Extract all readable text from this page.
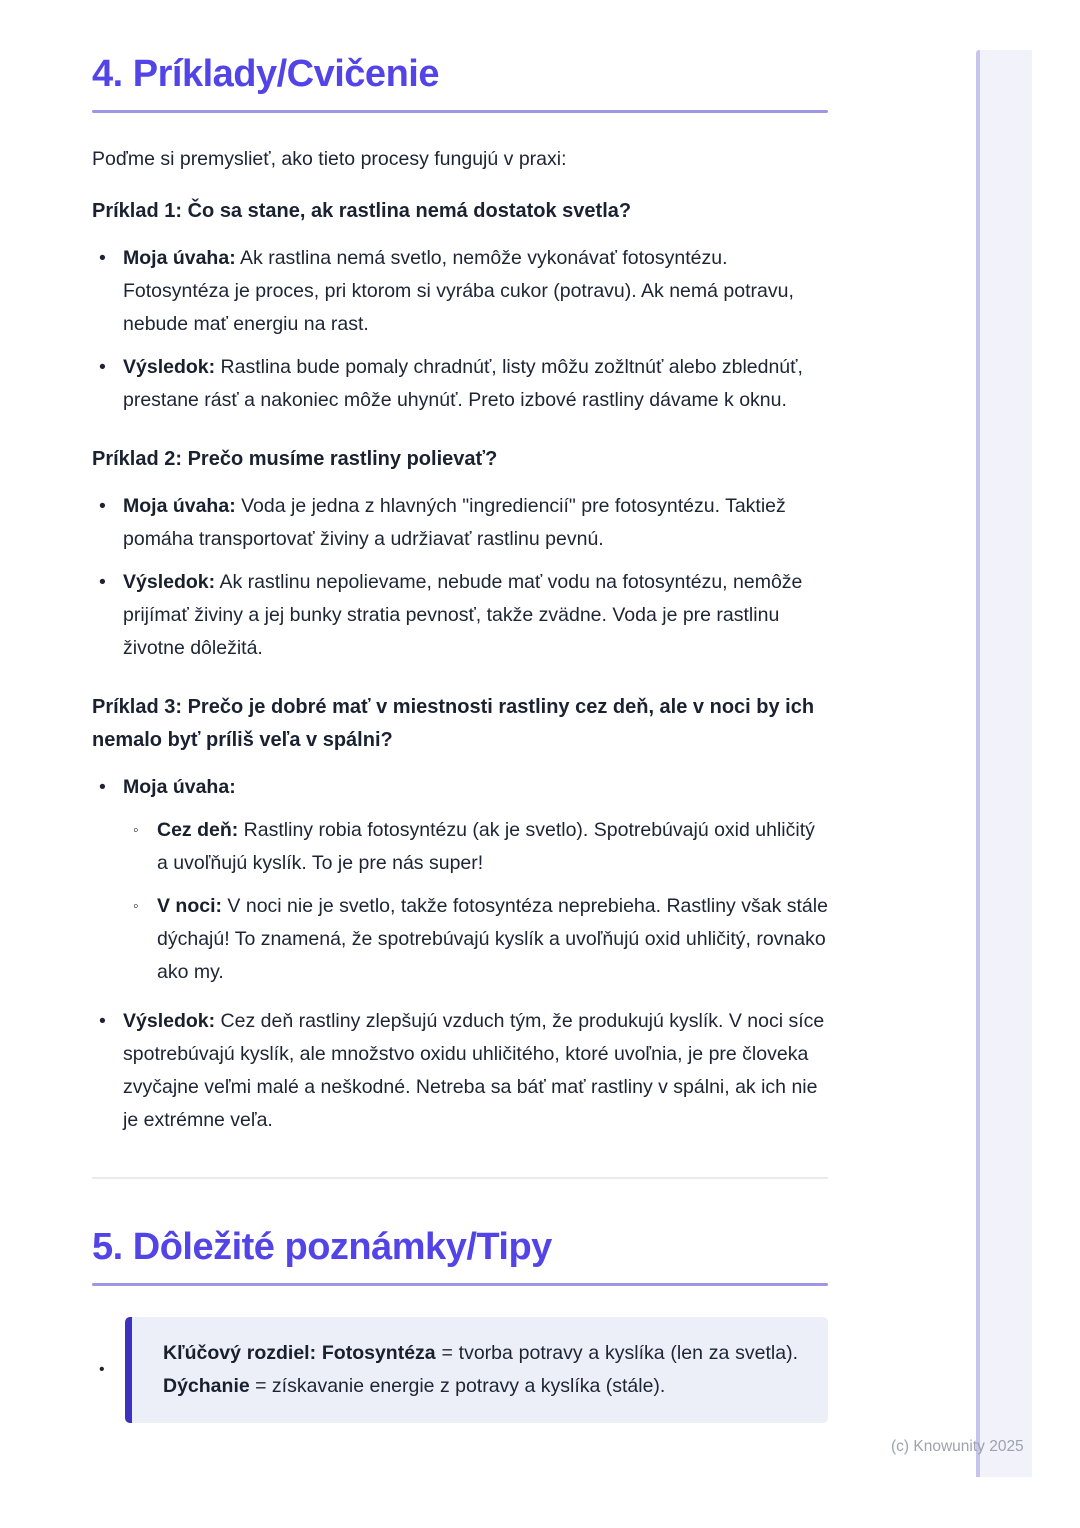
4. Príklady/Cvičenie

Poďme si premyslieť, ako tieto procesy fungujú v praxi:

Príklad 1: Čo sa stane, ak rastlina nemá dostatok svetla?
• Moja úvaha: Ak rastlina nemá svetlo, nemôže vykonávať fotosyntézu. Fotosyntéza je proces, pri ktorom si vyrába cukor (potravu). Ak nemá potravu, nebude mať energiu na rast.

• Výsledok: Rastlina bude pomaly chradnúť, listy môžu zožltnúť alebo zblednúť, prestane rásť a nakoniec môže uhynúť. Preto izbové rastliny dávame k oknu.

Príklad 2: Prečo musíme rastliny polievať?
• Moja úvaha: Voda je jedna z hlavných "ingrediencií" pre fotosyntézu. Taktiež pomáha transportovať živiny a udržiavať rastlinu pevnú.

• Výsledok: Ak rastlinu nepolievame, nebude mať vodu na fotosyntézu, nemôže prijímať živiny a jej bunky stratia pevnosť, takže zvädne. Voda je pre rastlinu životne dôležitá.

Príklad 3: Prečo je dobré mať v miestnosti rastliny cez deň, ale v noci by ich nemalo byť príliš veľa v spálni?
• Moja úvaha:

◦ Cez deň: Rastliny robia fotosyntézu (ak je svetlo). Spotrebúvajú oxid uhličitý a uvoľňujú kyslík. To je pre nás super!

◦ V noci: V noci nie je svetlo, takže fotosyntéza neprebieha. Rastliny však stále dýchajú! To znamená, že spotrebúvajú kyslík a uvoľňujú oxid uhličitý, rovnako ako my.

• Výsledok: Cez deň rastliny zlepšujú vzduch tým, že produkujú kyslík. V noci síce spotrebúvajú kyslík, ale množstvo oxidu uhličitého, ktoré uvoľnia, je pre človeka zvyčajne veľmi malé a neškodné. Netreba sa báť mať rastliny v spálni, ak ich nie je extrémne veľa.

5. Dôležité poznámky/Tipy
•
Kľúčový rozdiel: Fotosyntéza = tvorba potravy a kyslíka (len za svetla). Dýchanie = získavanie energie z potravy a kyslíka (stále).
(c) Knowunity 2025
